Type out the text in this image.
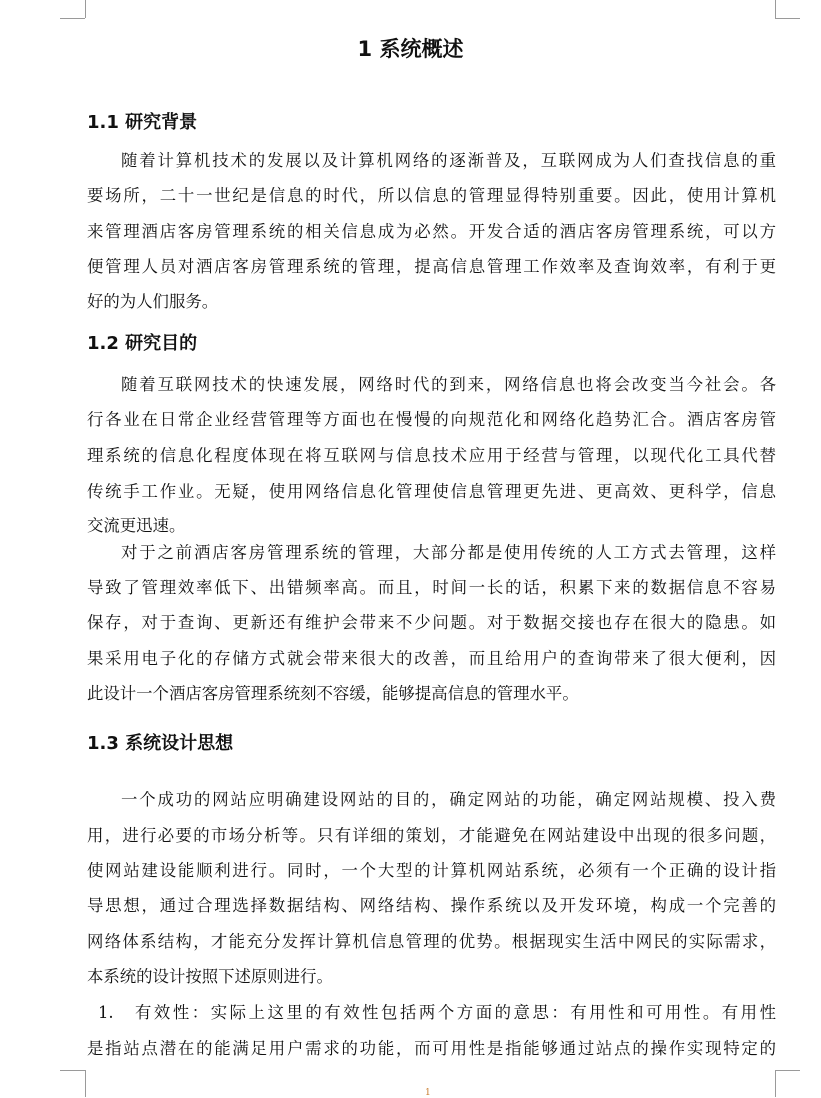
1 系统概述
1.1 研究背景
随着计算机技术的发展以及计算机网络的逐渐普及，互联网成为人们查找信息的重
要场所，二十一世纪是信息的时代，所以信息的管理显得特别重要。因此，使用计算机
来管理酒店客房管理系统的相关信息成为必然。开发合适的酒店客房管理系统，可以方
便管理人员对酒店客房管理系统的管理，提高信息管理工作效率及查询效率，有利于更
好的为人们服务。
1.2 研究目的
随着互联网技术的快速发展，网络时代的到来，网络信息也将会改变当今社会。各
行各业在日常企业经营管理等方面也在慢慢的向规范化和网络化趋势汇合。酒店客房管
理系统的信息化程度体现在将互联网与信息技术应用于经营与管理，以现代化工具代替
传统手工作业。无疑，使用网络信息化管理使信息管理更先进、更高效、更科学，信息
交流更迅速。
对于之前酒店客房管理系统的管理，大部分都是使用传统的人工方式去管理，这样
导致了管理效率低下、出错频率高。而且，时间一长的话，积累下来的数据信息不容易
保存，对于查询、更新还有维护会带来不少问题。对于数据交接也存在很大的隐患。如
果采用电子化的存储方式就会带来很大的改善，而且给用户的查询带来了很大便利，因
此设计一个酒店客房管理系统刻不容缓，能够提高信息的管理水平。
1.3 系统设计思想
一个成功的网站应明确建设网站的目的，确定网站的功能，确定网站规模、投入费
用，进行必要的市场分析等。只有详细的策划，才能避免在网站建设中出现的很多问题，
使网站建设能顺利进行。同时，一个大型的计算机网站系统，必须有一个正确的设计指
导思想，通过合理选择数据结构、网络结构、操作系统以及开发环境，构成一个完善的
网络体系结构，才能充分发挥计算机信息管理的优势。根据现实生活中网民的实际需求，
本系统的设计按照下述原则进行。
1.	有效性：实际上这里的有效性包括两个方面的意思：有用性和可用性。有用性
是指站点潜在的能满足用户需求的功能，而可用性是指能够通过站点的操作实现特定的
1
